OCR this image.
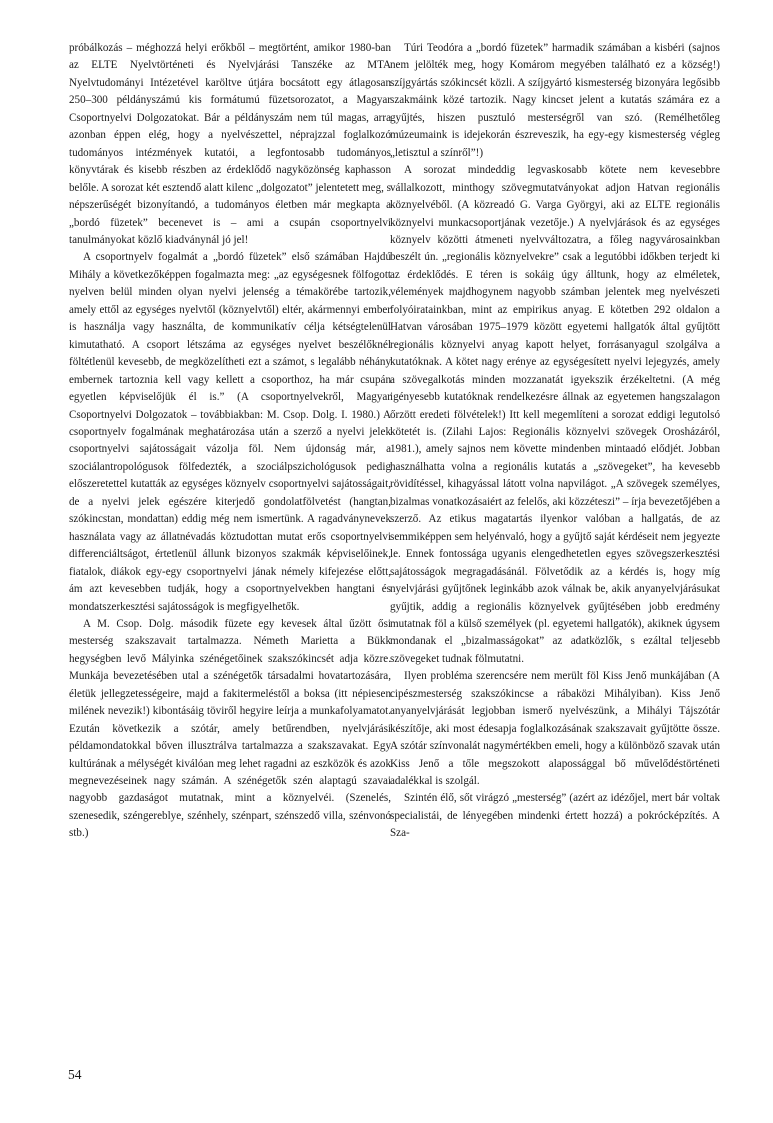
próbálkozás – méghozzá helyi erőkből – megtörtént, amikor 1980-ban az ELTE Nyelvtörténeti és Nyelvjárási Tanszéke az MTA Nyelvtudományi Intézetével karöltve útjára bocsátott egy átlagosan 250–300 példányszámú kis formátumú füzetsorozatot, a Magyar Csoportnyelvi Dolgozatokat. Bár a példányszám nem túl magas, arra azonban éppen elég, hogy a nyelvészettel, néprajzzal foglalkozó tudományos intézmények kutatói, a legfontosabb tudományos könyvtárak és kisebb részben az érdeklődő nagyközönség kaphasson belőle. A sorozat két esztendő alatt kilenc „dolgozatot” jelentetett meg, s népszerűségét bizonyítandó, a tudományos életben már megkapta a „bordó füzetek” becenevet is – ami a csupán csoportnyelvi tanulmányokat közlő kiadványnál jó jel!

A csoportnyelv fogalmát a „bordó füzetek” első számában Hajdú Mihály a következőképpen fogalmazta meg: „az egységesnek fölfogott nyelven belül minden olyan nyelvi jelenség a témakörébe tartozik, amely ettől az egységes nyelvtől (köznyelvtől) eltér, akármennyi ember is használja vagy használta, de kommunikatív célja kétségtelenül kimutatható. A csoport létszáma az egységes nyelvet beszélőknél föltétlenül kevesebb, de megközelítheti ezt a számot, s legalább néhány embernek tartoznia kell vagy kellett a csoporthoz, ha már csupán egyetlen képviselőjük él is.” (A csoportnyelvekről, Magyar Csoportnyelvi Dolgozatok – továbbiakban: M. Csop. Dolg. I. 1980.) A csoportnyelv fogalmának meghatározása után a szerző a nyelvi jelek csoportnyelvi sajátosságait vázolja föl. Nem újdonság már, a szociálantropológusok fölfedezték, a szociálpszichológusok pedig előszeretettel kutatták az egységes köznyelv csoportnyelvi sajátosságait, de a nyelvi jelek egészére kiterjedő gondolatfölvetést (hangtan, szókincstan, mondattan) eddig még nem ismertünk. A ragadványnevek használata vagy az állatnévadás köztudottan mutat erős csoportnyelvi differenciáltságot, értetlenül állunk bizonyos szakmák képviselőinek, fiatalok, diákok egy-egy csoportnyelvi jának némely kifejezése előtt, ám azt kevesebben tudják, hogy a csoportnyelvekben hangtani és mondatszerkesztési sajátosságok is megfigyelhetők.

A M. Csop. Dolg. második füzete egy kevesek által űzött ősi mesterség szakszavait tartalmazza. Németh Marietta a Bükk hegységben levő Mályinka szénégetőinek szakszókincsét adja közre. Munkája bevezetésében utal a szénégetők társadalmi hovatartozására, életük jellegzetességeire, majd a fakitermeléstől a boksa (itt népiesen milének nevezik!) kibontásáig töviről hegyire leírja a munkafolyamatot. Ezután következik a szótár, amely betűrendben, nyelvjárási példamondatokkal bőven illusztrálva tartalmazza a szakszavakat. Egy kultúrának a mélységét kiválóan meg lehet ragadni az eszközök és azok megnevezéseinek nagy számán. A szénégetők szén alaptagú szavai nagyobb gazdaságot mutatnak, mint a köznyelvéi. (Szenelés, szenesedik, széngereblye, szénhely, szénpart, szénszedő villa, szénvonó stb.)

Túri Teodóra a „bordó füzetek” harmadik számában a kisbéri (sajnos nem jelölték meg, hogy Komárom megyében található ez a község!) szíjgyártás szókincsét közli. A szíjgyártó kismesterség bizonyára legősibb szakmáink közé tartozik. Nagy kincset jelent a kutatás számára ez a gyűjtés, hiszen pusztuló mesterségről van szó. (Remélhetőleg múzeumaink is idejekorán észreveszik, ha egy-egy kismesterség végleg „letisztul a színről”!)

A sorozat mindeddig legvaskosabb kötete nem kevesebbre vállalkozott, minthogy szövegmutatványokat adjon Hatvan regionális köznyelvéből. (A közreadó G. Varga Györgyi, aki az ELTE regionális köznyelvi munkacsoportjának vezetője.) A nyelvjárások és az egységes köznyelv közötti átmeneti nyelvváltozatra, a főleg nagyvárosainkban beszélt ún. „regionális köznyelvekre” csak a legutóbbi időkben terjedt ki az érdeklődés. E téren is sokáig úgy álltunk, hogy az elméletek, vélemények majdhogynem nagyobb számban jelentek meg nyelvészeti folyóiratainkban, mint az empirikus anyag. E kötetben 292 oldalon a Hatvan városában 1975–1979 között egyetemi hallgatók által gyűjtött regionális köznyelvi anyag kapott helyet, forrásanyagul szolgálva a kutatóknak. A kötet nagy erénye az egységesített nyelvi lejegyzés, amely a szövegalkotás minden mozzanatát igyekszik érzékeltetni. (A még igényesebb kutatóknak rendelkezésre állnak az egyetemen hangszalagon őrzött eredeti fölvételek!) Itt kell megemlíteni a sorozat eddigi legutolsó kötetét is. (Zilahi Lajos: Regionális köznyelvi szövegek Orosházáról, 1981.), amely sajnos nem követte mindenben mintaadó elődjét. Jobban használhatta volna a regionális kutatás a „szövegeket”, ha kevesebb rövidítéssel, kihagyással látott volna napvilágot. „A szövegek személyes, bizalmas vonatkozásaiért az felelős, aki közzéteszi” – írja bevezetőjében a szerző. Az etikus magatartás ilyenkor valóban a hallgatás, de az semmiképpen sem helyénvaló, hogy a gyűjtő saját kérdéseit nem jegyezte le. Ennek fontossága ugyanis elengedhetetlen egyes szövegszerkesztési sajátosságok megragadásánál. Fölvetődik az a kérdés is, hogy míg nyelvjárási gyűjtőnek leginkább azok válnak be, akik anyanyelvjárásukat gyűjtik, addig a regionális köznyelvek gyűjtésében jobb eredmény mutatnak föl a külső személyek (pl. egyetemi hallgatók), akiknek úgysem mondanak el „bizalmasságokat” az adatközlők, s ezáltal teljesebb szövegeket tudnak fölmutatni.

Ilyen probléma szerencsére nem merült föl Kiss Jenő munkájában (A cipészmesterség szakszókincse a rábaközi Mihályiban). Kiss Jenő anyanyelvjárását legjobban ismerő nyelvészünk, a Mihályi Tájszótár készítője, aki most édesapja foglalkozásának szakszavait gyűjtötte össze. A szótár színvonalát nagymértékben emeli, hogy a különböző szavak után Kiss Jenő a tőle megszokott alapossággal bő művelődéstörténeti adalékkal is szolgál.

Szintén élő, sőt virágzó „mesterség” (azért az idézőjel, mert bár voltak specialistái, de lényegében mindenki értett hozzá) a pokrócképzítés. A Sza-

54
